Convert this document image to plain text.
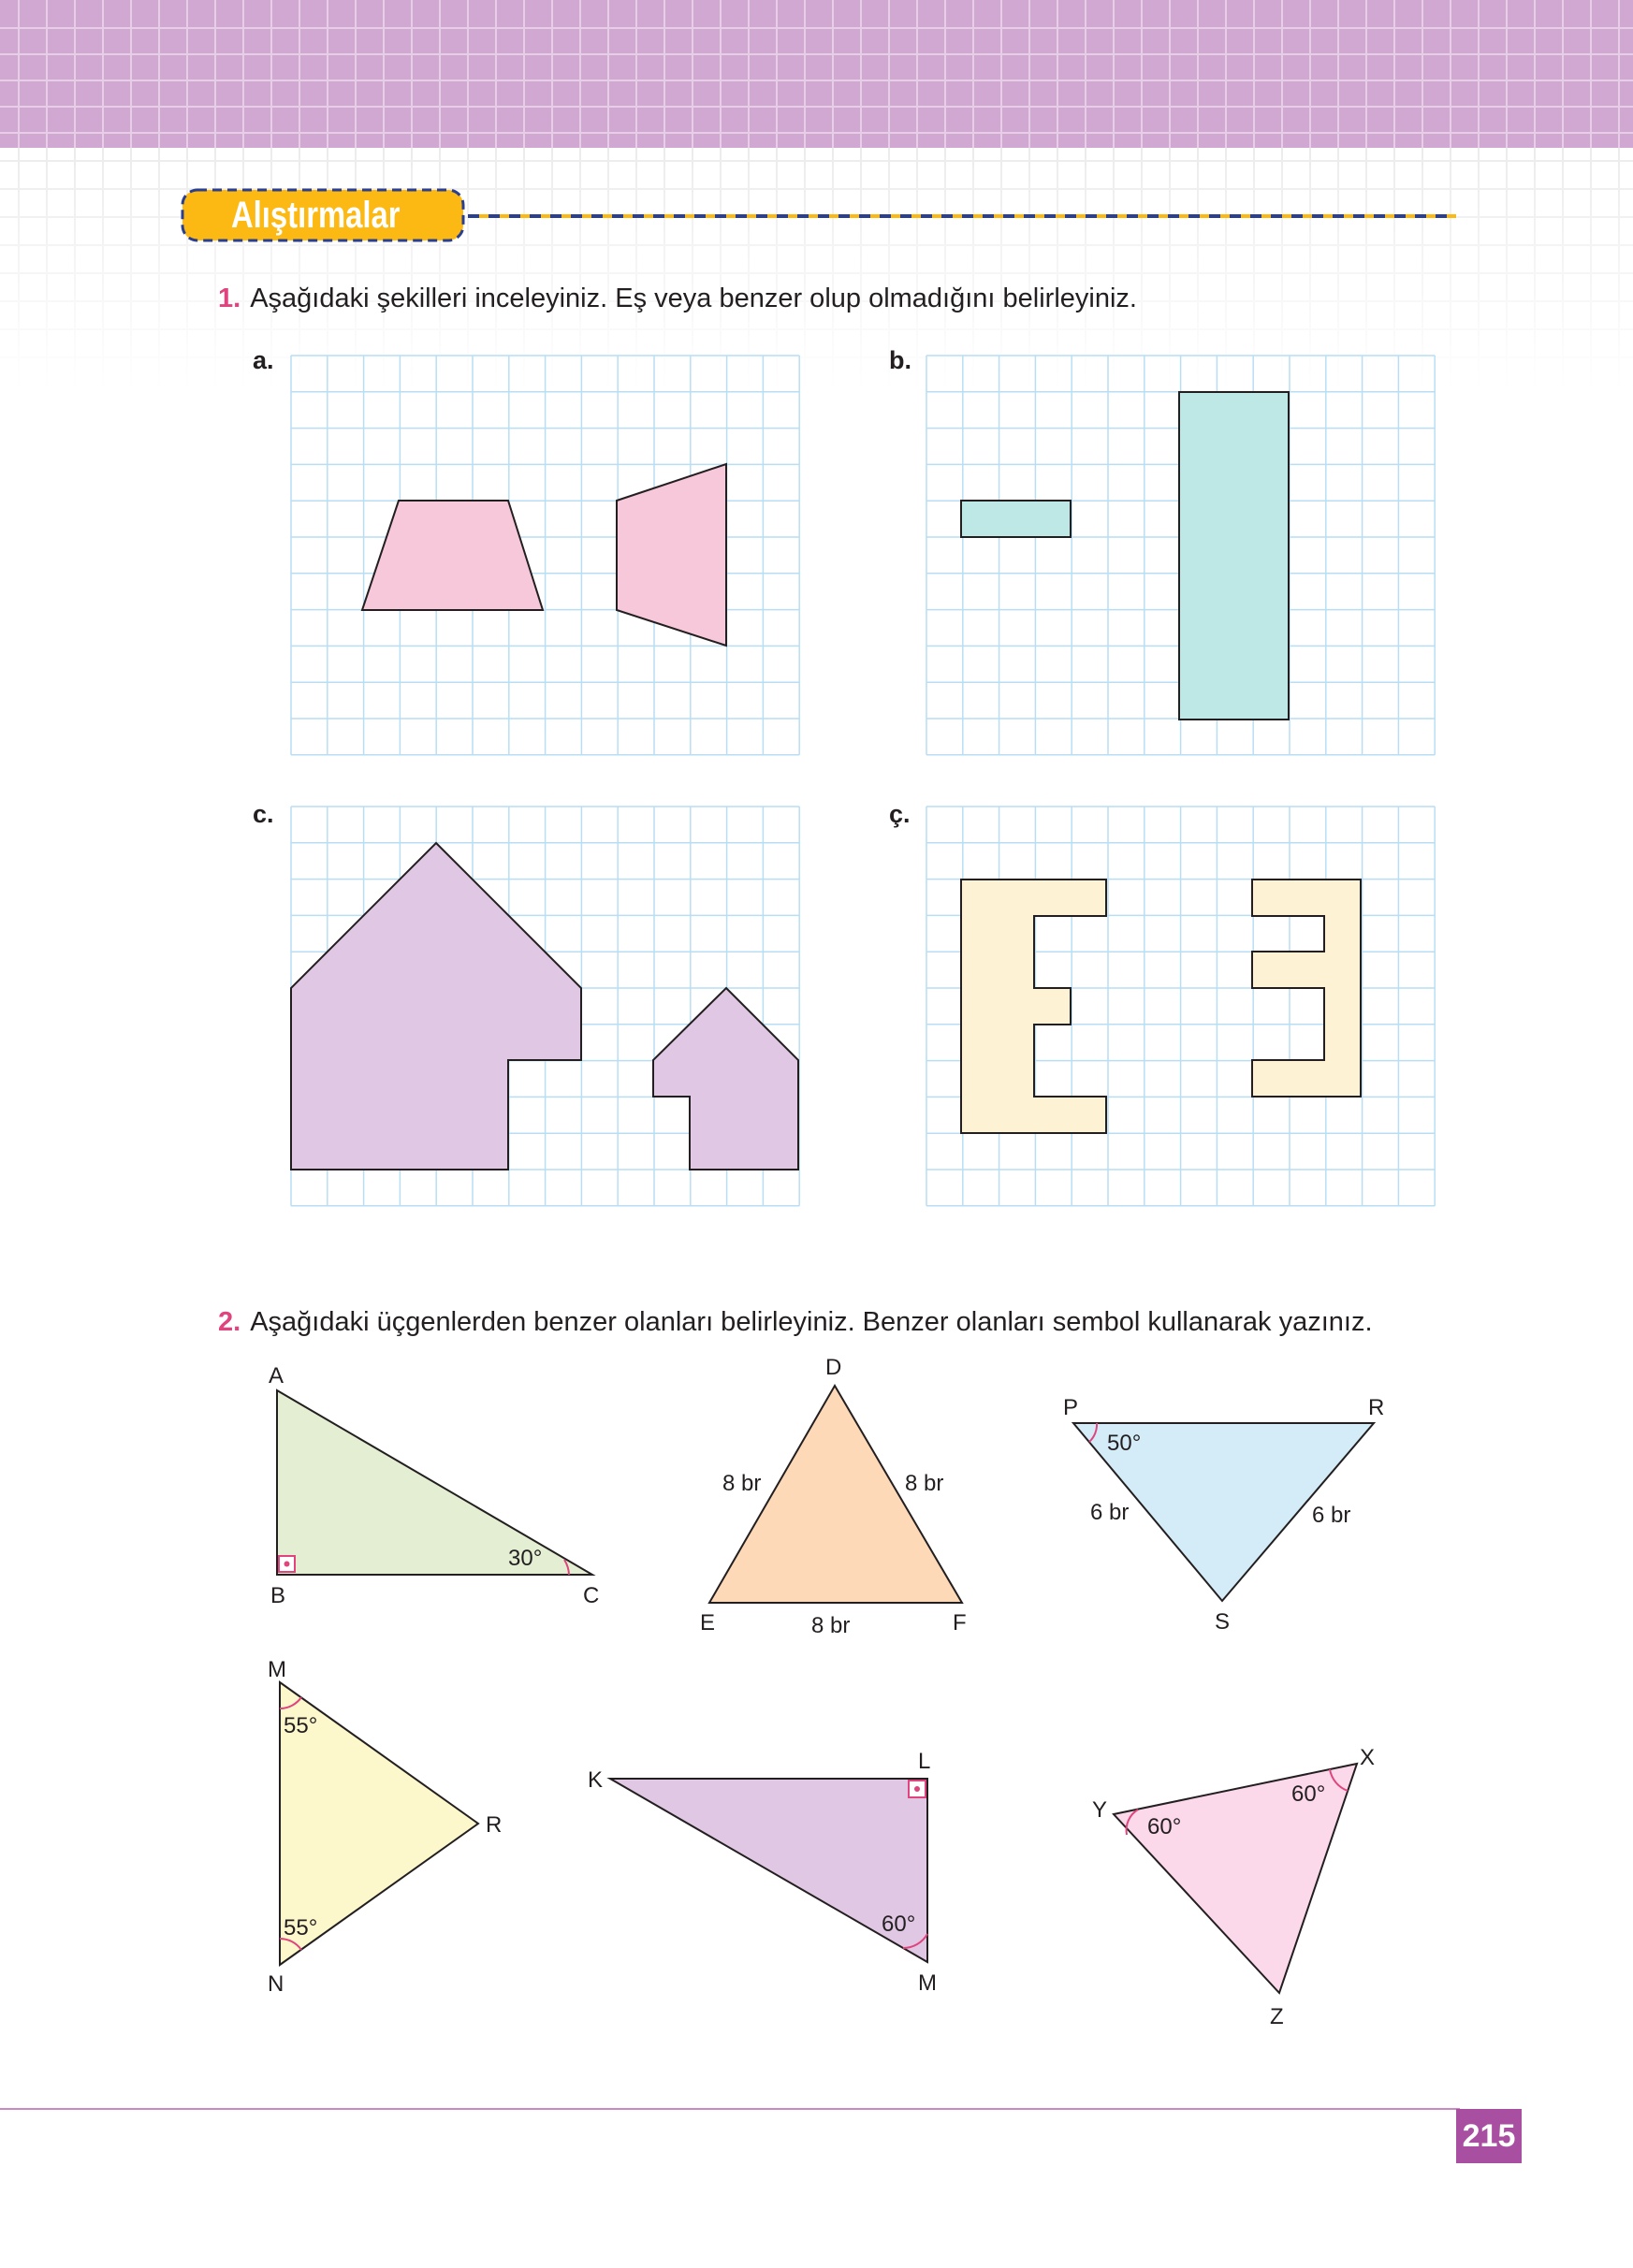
Alıştırmalar
1. Aşağıdaki şekilleri inceleyiniz. Eş veya benzer olup olmadığını belirleyiniz.
a.	b.
c.	ç.
2. Aşağıdaki üçgenlerden benzer olanları belirleyiniz. Benzer olanları sembol kullanarak yazınız.
A
B	C
30°
D
E	F
8 br	8 br
8 br
P	R
S
50°
6 br	6 br
M
N
R
55°
55°
K
L
M
60°
X
Y
Z
60°
60°
215
